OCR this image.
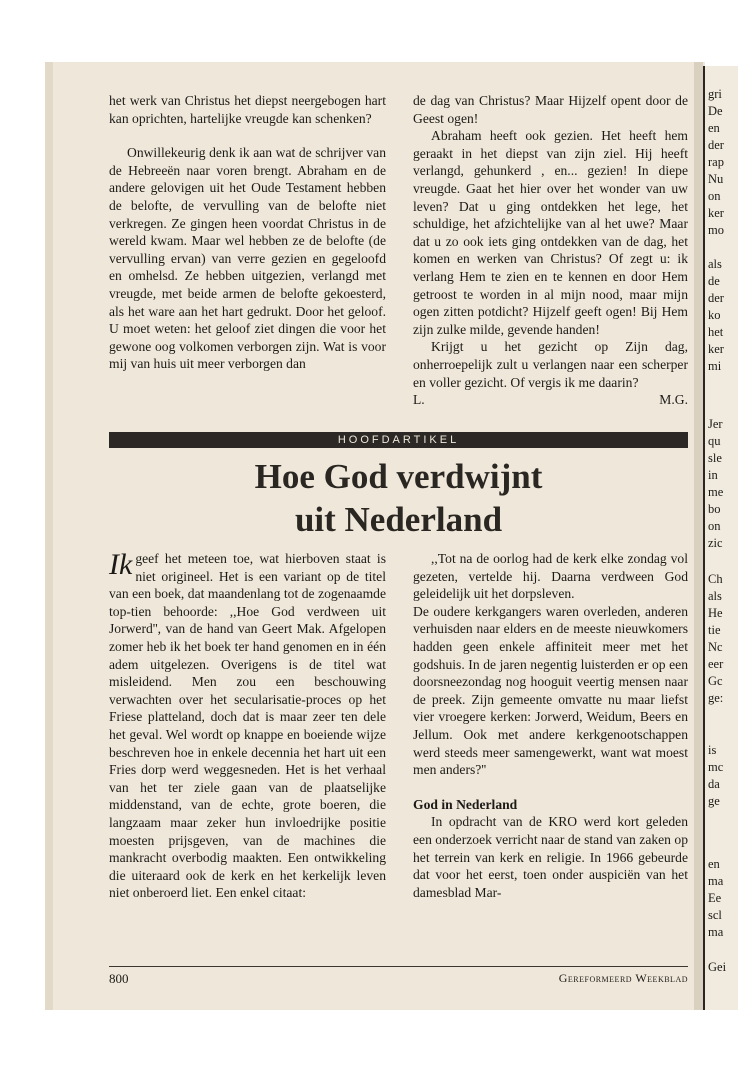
het werk van Christus het diepst neergebogen hart kan oprichten, hartelijke vreugde kan schenken?

Onwillekeurig denk ik aan wat de schrijver van de Hebreeën naar voren brengt. Abraham en de andere gelovigen uit het Oude Testament hebben de belofte, de vervulling van de belofte niet verkregen. Ze gingen heen voordat Christus in de wereld kwam. Maar wel hebben ze de belofte (de vervulling ervan) van verre gezien en gegeloofd en omhelsd. Ze hebben uitgezien, verlangd met vreugde, met beide armen de belofte gekoesterd, als het ware aan het hart gedrukt. Door het geloof. U moet weten: het geloof ziet dingen die voor het gewone oog volkomen verborgen zijn. Wat is voor mij van huis uit meer verborgen dan

de dag van Christus? Maar Hijzelf opent door de Geest ogen!

Abraham heeft ook gezien. Het heeft hem geraakt in het diepst van zijn ziel. Hij heeft verlangd, gehunkerd , en... gezien! In diepe vreugde. Gaat het hier over het wonder van uw leven? Dat u ging ontdekken het lege, het schuldige, het afzichtelijke van al het uwe? Maar dat u zo ook iets ging ontdekken van de dag, het komen en werken van Christus? Of zegt u: ik verlang Hem te zien en te kennen en door Hem getroost te worden in al mijn nood, maar mijn ogen zitten potdicht? Hijzelf geeft ogen! Bij Hem zijn zulke milde, gevende handen!

Krijgt u het gezicht op Zijn dag, onherroepelijk zult u verlangen naar een scherper en voller gezicht. Of vergis ik me daarin?

L.	M.G.
HOOFDARTIKEL
Hoe God verdwijnt
uit Nederland

Ik geef het meteen toe, wat hierboven staat is niet origineel. Het is een variant op de titel van een boek, dat maandenlang tot de zogenaamde top-tien behoorde: ,,Hoe God verdween uit Jorwerd'', van de hand van Geert Mak. Afgelopen zomer heb ik het boek ter hand genomen en in één adem uitgelezen. Overigens is de titel wat misleidend. Men zou een beschouwing verwachten over het secularisatie-proces op het Friese platteland, doch dat is maar zeer ten dele het geval. Wel wordt op knappe en boeiende wijze beschreven hoe in enkele decennia het hart uit een Fries dorp werd weggesneden. Het is het verhaal van het ter ziele gaan van de plaatselijke middenstand, van de echte, grote boeren, die langzaam maar zeker hun invloedrijke positie moesten prijsgeven, van de machines die mankracht overbodig maakten. Een ontwikkeling die uiteraard ook de kerk en het kerkelijk leven niet onberoerd liet. Een enkel citaat:

,,Tot na de oorlog had de kerk elke zondag vol gezeten, vertelde hij. Daarna verdween God geleidelijk uit het dorpsleven.

De oudere kerkgangers waren overleden, anderen verhuisden naar elders en de meeste nieuwkomers hadden geen enkele affiniteit meer met het godshuis. In de jaren negentig luisterden er op een doorsneezondag nog hooguit veertig mensen naar de preek. Zijn gemeente omvatte nu maar liefst vier vroegere kerken: Jorwerd, Weidum, Beers en Jellum. Ook met andere kerkgenootschappen werd steeds meer samengewerkt, want wat moest men anders?''

God in Nederland

In opdracht van de KRO werd kort geleden een onderzoek verricht naar de stand van zaken op het terrein van kerk en religie. In 1966 gebeurde dat voor het eerst, toen onder auspiciën van het damesblad Mar-

800	Gereformeerd Weekblad
gri
De
en
der
rap
Nu
on
ker
mo
als
de
der
ko
het
ker
mi
Jer
qu
sle
in
me
bo
on
zic
Ch
als
He
tie
Nc
eer
Gc
ge:
is
mc
da
ge
en
ma
Ee
scl
ma
Gei
